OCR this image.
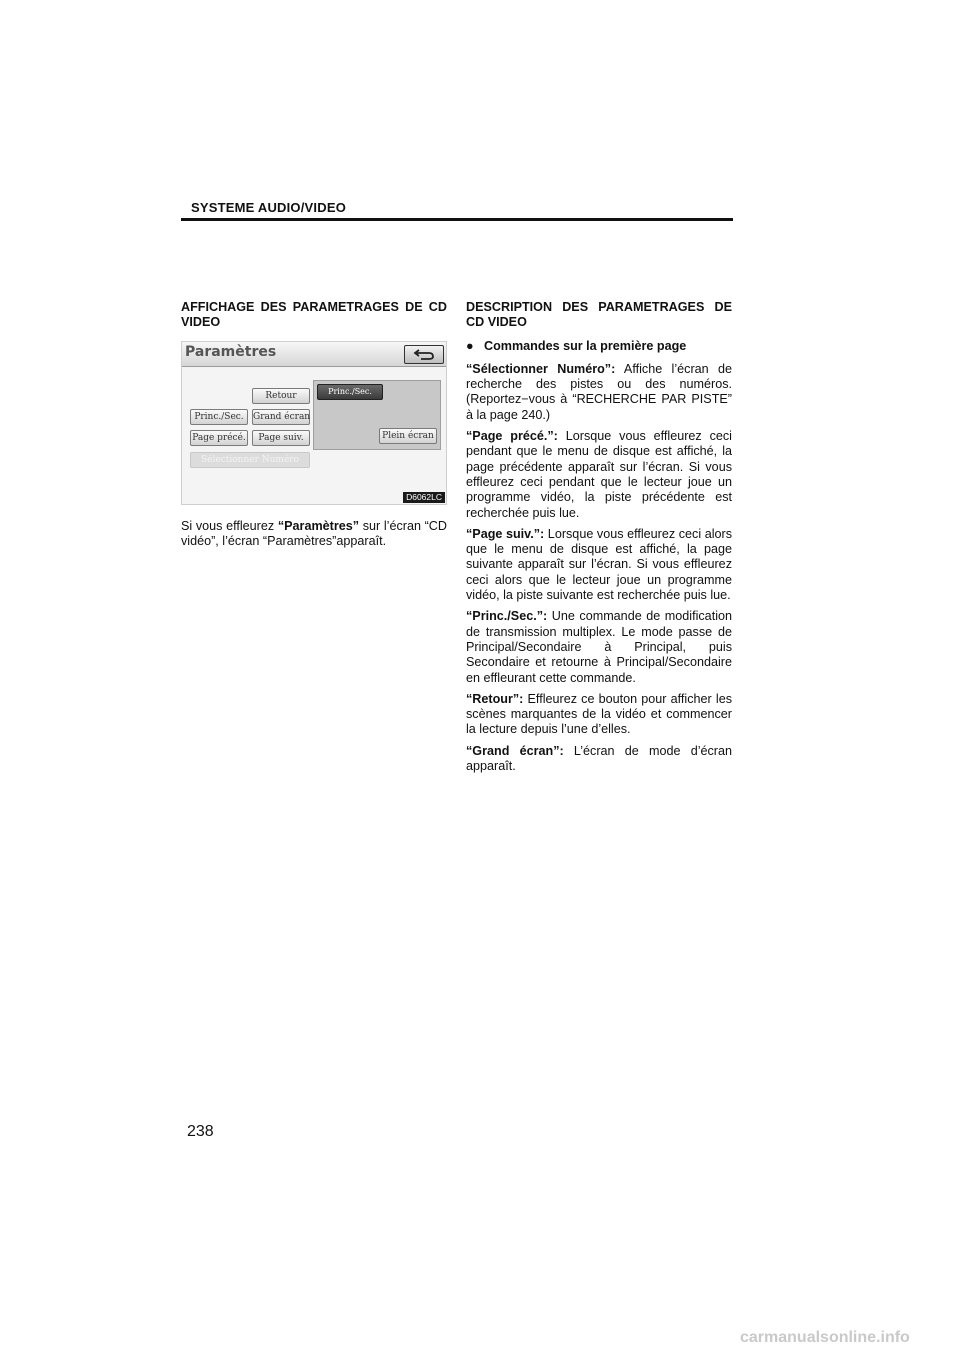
SYSTEME AUDIO/VIDEO
AFFICHAGE DES PARAMETRAGES DE CD VIDEO
Paramètres
Retour
Princ./Sec.	Grand écran
Page précé.	Page suiv.
Sélectionner Numéro
Princ./Sec.
Plein écran
D6062LC

Si vous effleurez “Paramètres” sur l’écran “CD vidéo”, l’écran “Paramètres”apparaît.

DESCRIPTION DES PARAMETRAGES DE CD VIDEO
● Commandes sur la première page

“Sélectionner Numéro”: Affiche l’écran de recherche des pistes ou des numéros. (Reportez−vous à “RECHERCHE PAR PISTE” à la page 240.)

“Page précé.”: Lorsque vous effleurez ceci pendant que le menu de disque est affiché, la page précédente apparaît sur l’écran. Si vous effleurez ceci pendant que le lecteur joue un programme vidéo, la piste précédente est recherchée puis lue.

“Page suiv.”: Lorsque vous effleurez ceci alors que le menu de disque est affiché, la page suivante apparaît sur l’écran. Si vous effleurez ceci alors que le lecteur joue un programme vidéo, la piste suivante est recherchée puis lue.

“Princ./Sec.”: Une commande de modification de transmission multiplex. Le mode passe de Principal/Secondaire à Principal, puis Secondaire et retourne à Principal/Secondaire en effleurant cette commande.

“Retour”: Effleurez ce bouton pour afficher les scènes marquantes de la vidéo et commencer la lecture depuis l’une d’elles.

“Grand écran”: L’écran de mode d’écran apparaît.

238
carmanualsonline.info
